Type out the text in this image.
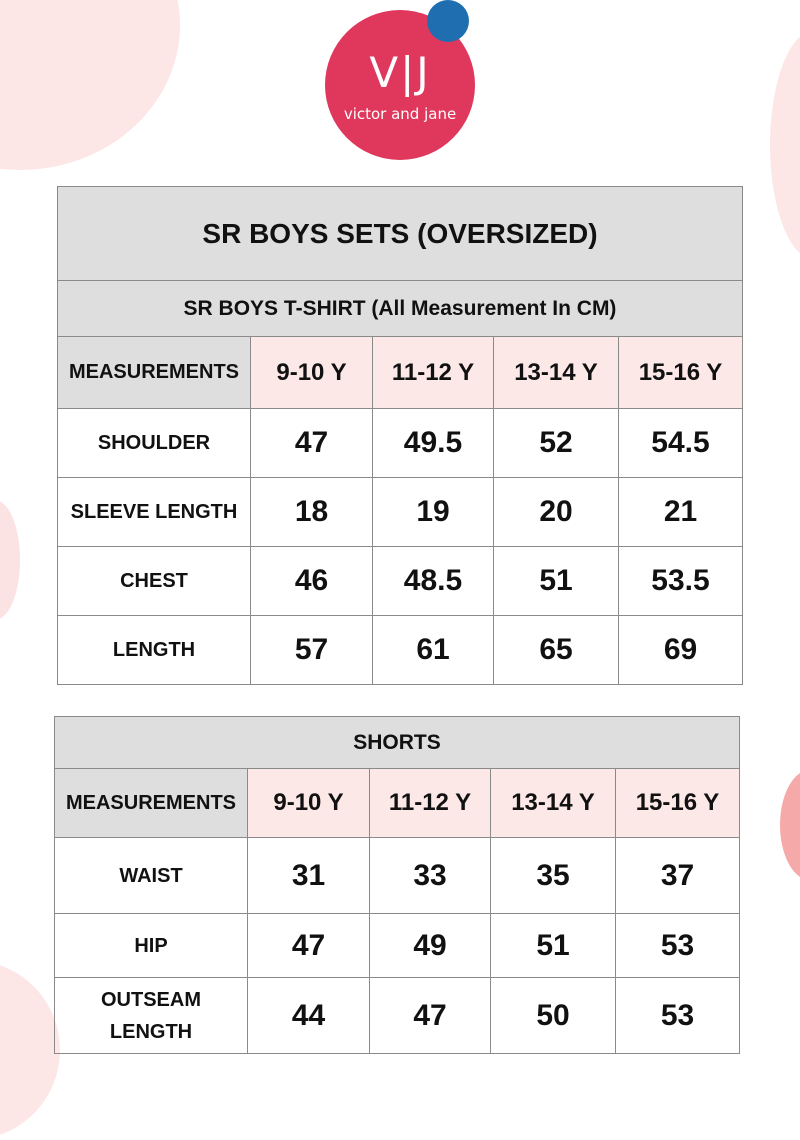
V|J
victor and jane
SR BOYS SETS (OVERSIZED)				
SR BOYS T-SHIRT (All Measurement In CM)				
MEASUREMENTS	9-10 Y	11-12 Y	13-14 Y	15-16 Y
SHOULDER	47	49.5	52	54.5
SLEEVE LENGTH	18	19	20	21
CHEST	46	48.5	51	53.5
LENGTH	57	61	65	69
SHORTS				
MEASUREMENTS	9-10 Y	11-12 Y	13-14 Y	15-16 Y
WAIST	31	33	35	37
HIP	47	49	51	53
OUTSEAM LENGTH	44	47	50	53
